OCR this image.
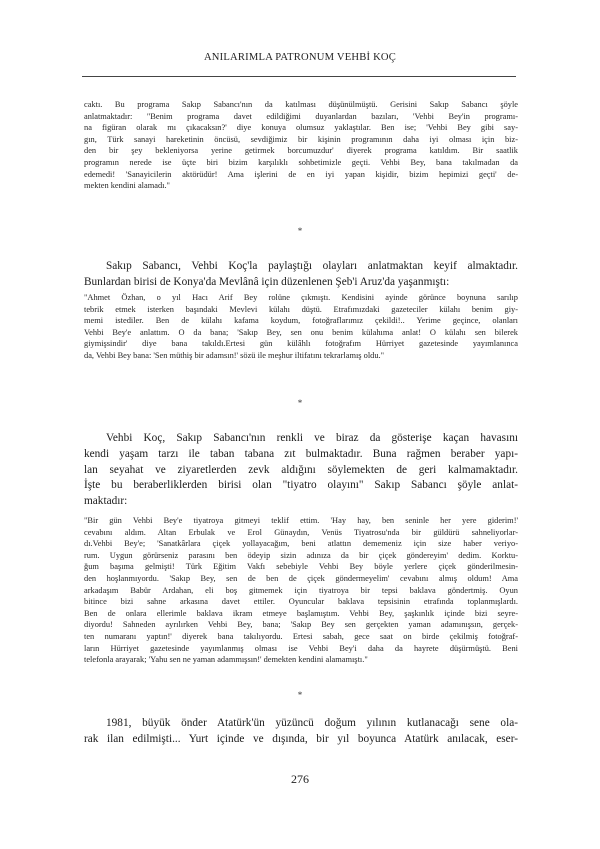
ANILARIMLA PATRONUM VEHBİ KOÇ

caktı. Bu programa Sakıp Sabancı'nın da katılması düşünülmüştü. Gerisini Sakıp Sabancı şöyle

anlatmaktadır: "Benim programa davet edildiğimi duyanlardan bazıları, 'Vehbi Bey'in programı-

na figüran olarak mı çıkacaksın?' diye konuya olumsuz yaklaştılar. Ben ise; 'Vehbi Bey gibi say-

gın, Türk sanayi hareketinin öncüsü, sevdiğimiz bir kişinin programının daha iyi olması için biz-

den bir şey bekleniyorsa yerine getirmek borcumuzdur' diyerek programa katıldım. Bir saatlik

programın nerede ise üçte biri bizim karşılıklı sohbetimizle geçti. Vehbi Bey, bana takılmadan da

edemedi! 'Sanayicilerin aktörüdür! Ama işlerini de en iyi yapan kişidir, bizim hepimizi geçti' de-

mekten kendini alamadı."

*

Sakıp Sabancı, Vehbi Koç'la paylaştığı olayları anlatmaktan keyif almaktadır.

Bunlardan birisi de Konya'da Mevlânâ için düzenlenen Şeb'i Aruz'da yaşanmıştı:

"Ahmet Özhan, o yıl Hacı Arif Bey rolüne çıkmıştı. Kendisini ayinde görünce boynuna sarılıp

tebrik etmek isterken başındaki Mevlevi külahı düştü. Etrafımızdaki gazeteciler külahı benim giy-

memi istediler. Ben de külahı kafama koydum, fotoğraflarımız çekildi!.. Yerime geçince, olanları

Vehbi Bey'e anlattım. O da bana; 'Sakıp Bey, sen onu benim külahıma anlat! O külahı sen bilerek

giymişsindir' diye bana takıldı.Ertesi gün külâhlı fotoğrafım Hürriyet gazetesinde yayımlanınca

da, Vehbi Bey bana: 'Sen müthiş bir adamsın!' sözü ile meşhur iltifatını tekrarlamış oldu."

*

Vehbi Koç, Sakıp Sabancı'nın renkli ve biraz da gösterişe kaçan havasını

kendi yaşam tarzı ile taban tabana zıt bulmaktadır. Buna rağmen beraber yapı-

lan seyahat ve ziyaretlerden zevk aldığını söylemekten de geri kalmamaktadır.

İşte bu beraberliklerden birisi olan "tiyatro olayını" Sakıp Sabancı şöyle anlat-

maktadır:

"Bir gün Vehbi Bey'e tiyatroya gitmeyi teklif ettim. 'Hay hay, ben seninle her yere giderim!'

cevabını aldım. Altan Erbulak ve Erol Günaydın, Venüs Tiyatrosu'nda bir güldürü sahneliyorlar-

dı.Vehbi Bey'e; 'Sanatkârlara çiçek yollayacağım, beni atlattın dememeniz için size haber veriyo-

rum. Uygun görürseniz parasını ben ödeyip sizin adınıza da bir çiçek göndereyim' dedim. Korktu-

ğum başıma gelmişti! Türk Eğitim Vakfı sebebiyle Vehbi Bey böyle yerlere çiçek gönderilmesin-

den hoşlanmıyordu. 'Sakıp Bey, sen de ben de çiçek göndermeyelim' cevabını almış oldum! Ama

arkadaşım Babür Ardahan, eli boş gitmemek için tiyatroya bir tepsi baklava göndertmiş. Oyun

bitince bizi sahne arkasına davet ettiler. Oyuncular baklava tepsisinin etrafında toplanmışlardı.

Ben de onlara ellerimle baklava ikram etmeye başlamıştım. Vehbi Bey, şaşkınlık içinde bizi seyre-

diyordu! Sahneden ayrılırken Vehbi Bey, bana; 'Sakıp Bey sen gerçekten yaman adamınışsın, gerçek-

ten numaranı yaptın!' diyerek bana takılıyordu. Ertesi sabah, gece saat on birde çekilmiş fotoğraf-

ların Hürriyet gazetesinde yayımlanmış olması ise Vehbi Bey'i daha da hayrete düşürmüştü. Beni

telefonla arayarak; 'Yahu sen ne yaman adammışsın!' demekten kendini alamamıştı."

*

1981, büyük önder Atatürk'ün yüzüncü doğum yılının kutlanacağı sene ola-

rak ilan edilmişti... Yurt içinde ve dışında, bir yıl boyunca Atatürk anılacak, eser-

276
